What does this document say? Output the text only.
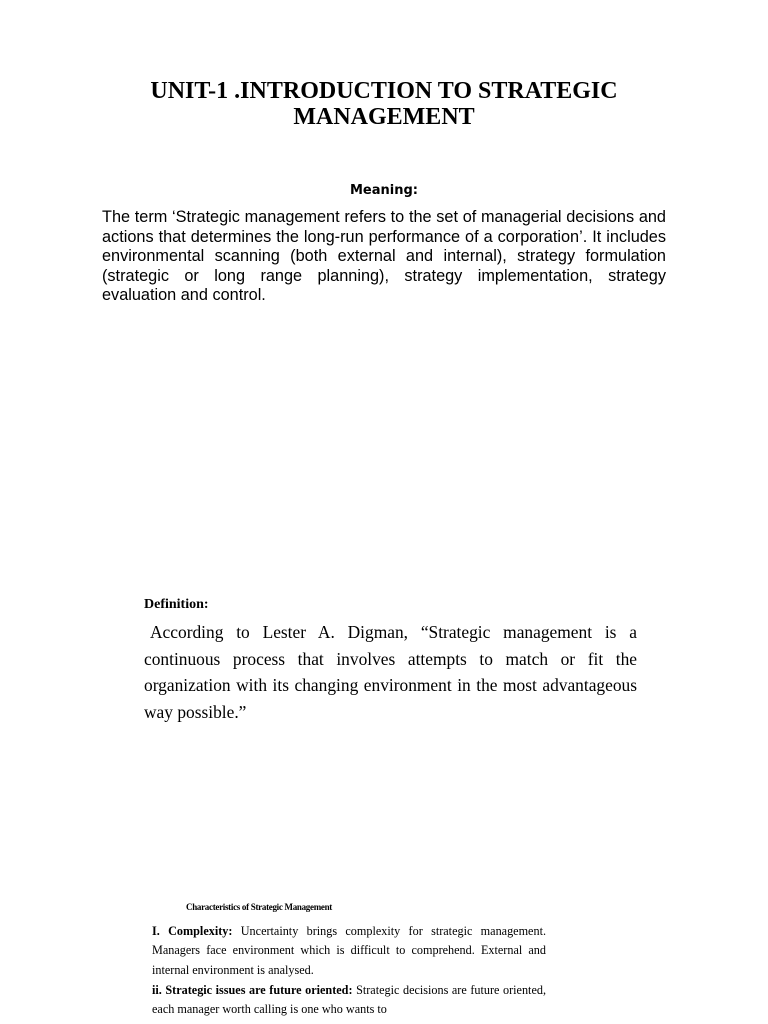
UNIT-1 .INTRODUCTION TO STRATEGIC MANAGEMENT
Meaning:

The term ‘Strategic management refers to the set of managerial decisions and actions that determines the long-run performance of a corporation’. It includes environmental scanning (both external and internal), strategy formulation (strategic or long range planning), strategy implementation, strategy evaluation and control.

Definition:

According to Lester A. Digman, “Strategic management is a continuous process that involves attempts to match or fit the organization with its changing environment in the most advantageous way possible.”

Characteristics of Strategic Management

I. Complexity: Uncertainty brings complexity for strategic management. Managers face environment which is difficult to comprehend. External and internal environment is analysed.

ii. Strategic issues are future oriented: Strategic decisions are future oriented, each manager worth calling is one who wants to
